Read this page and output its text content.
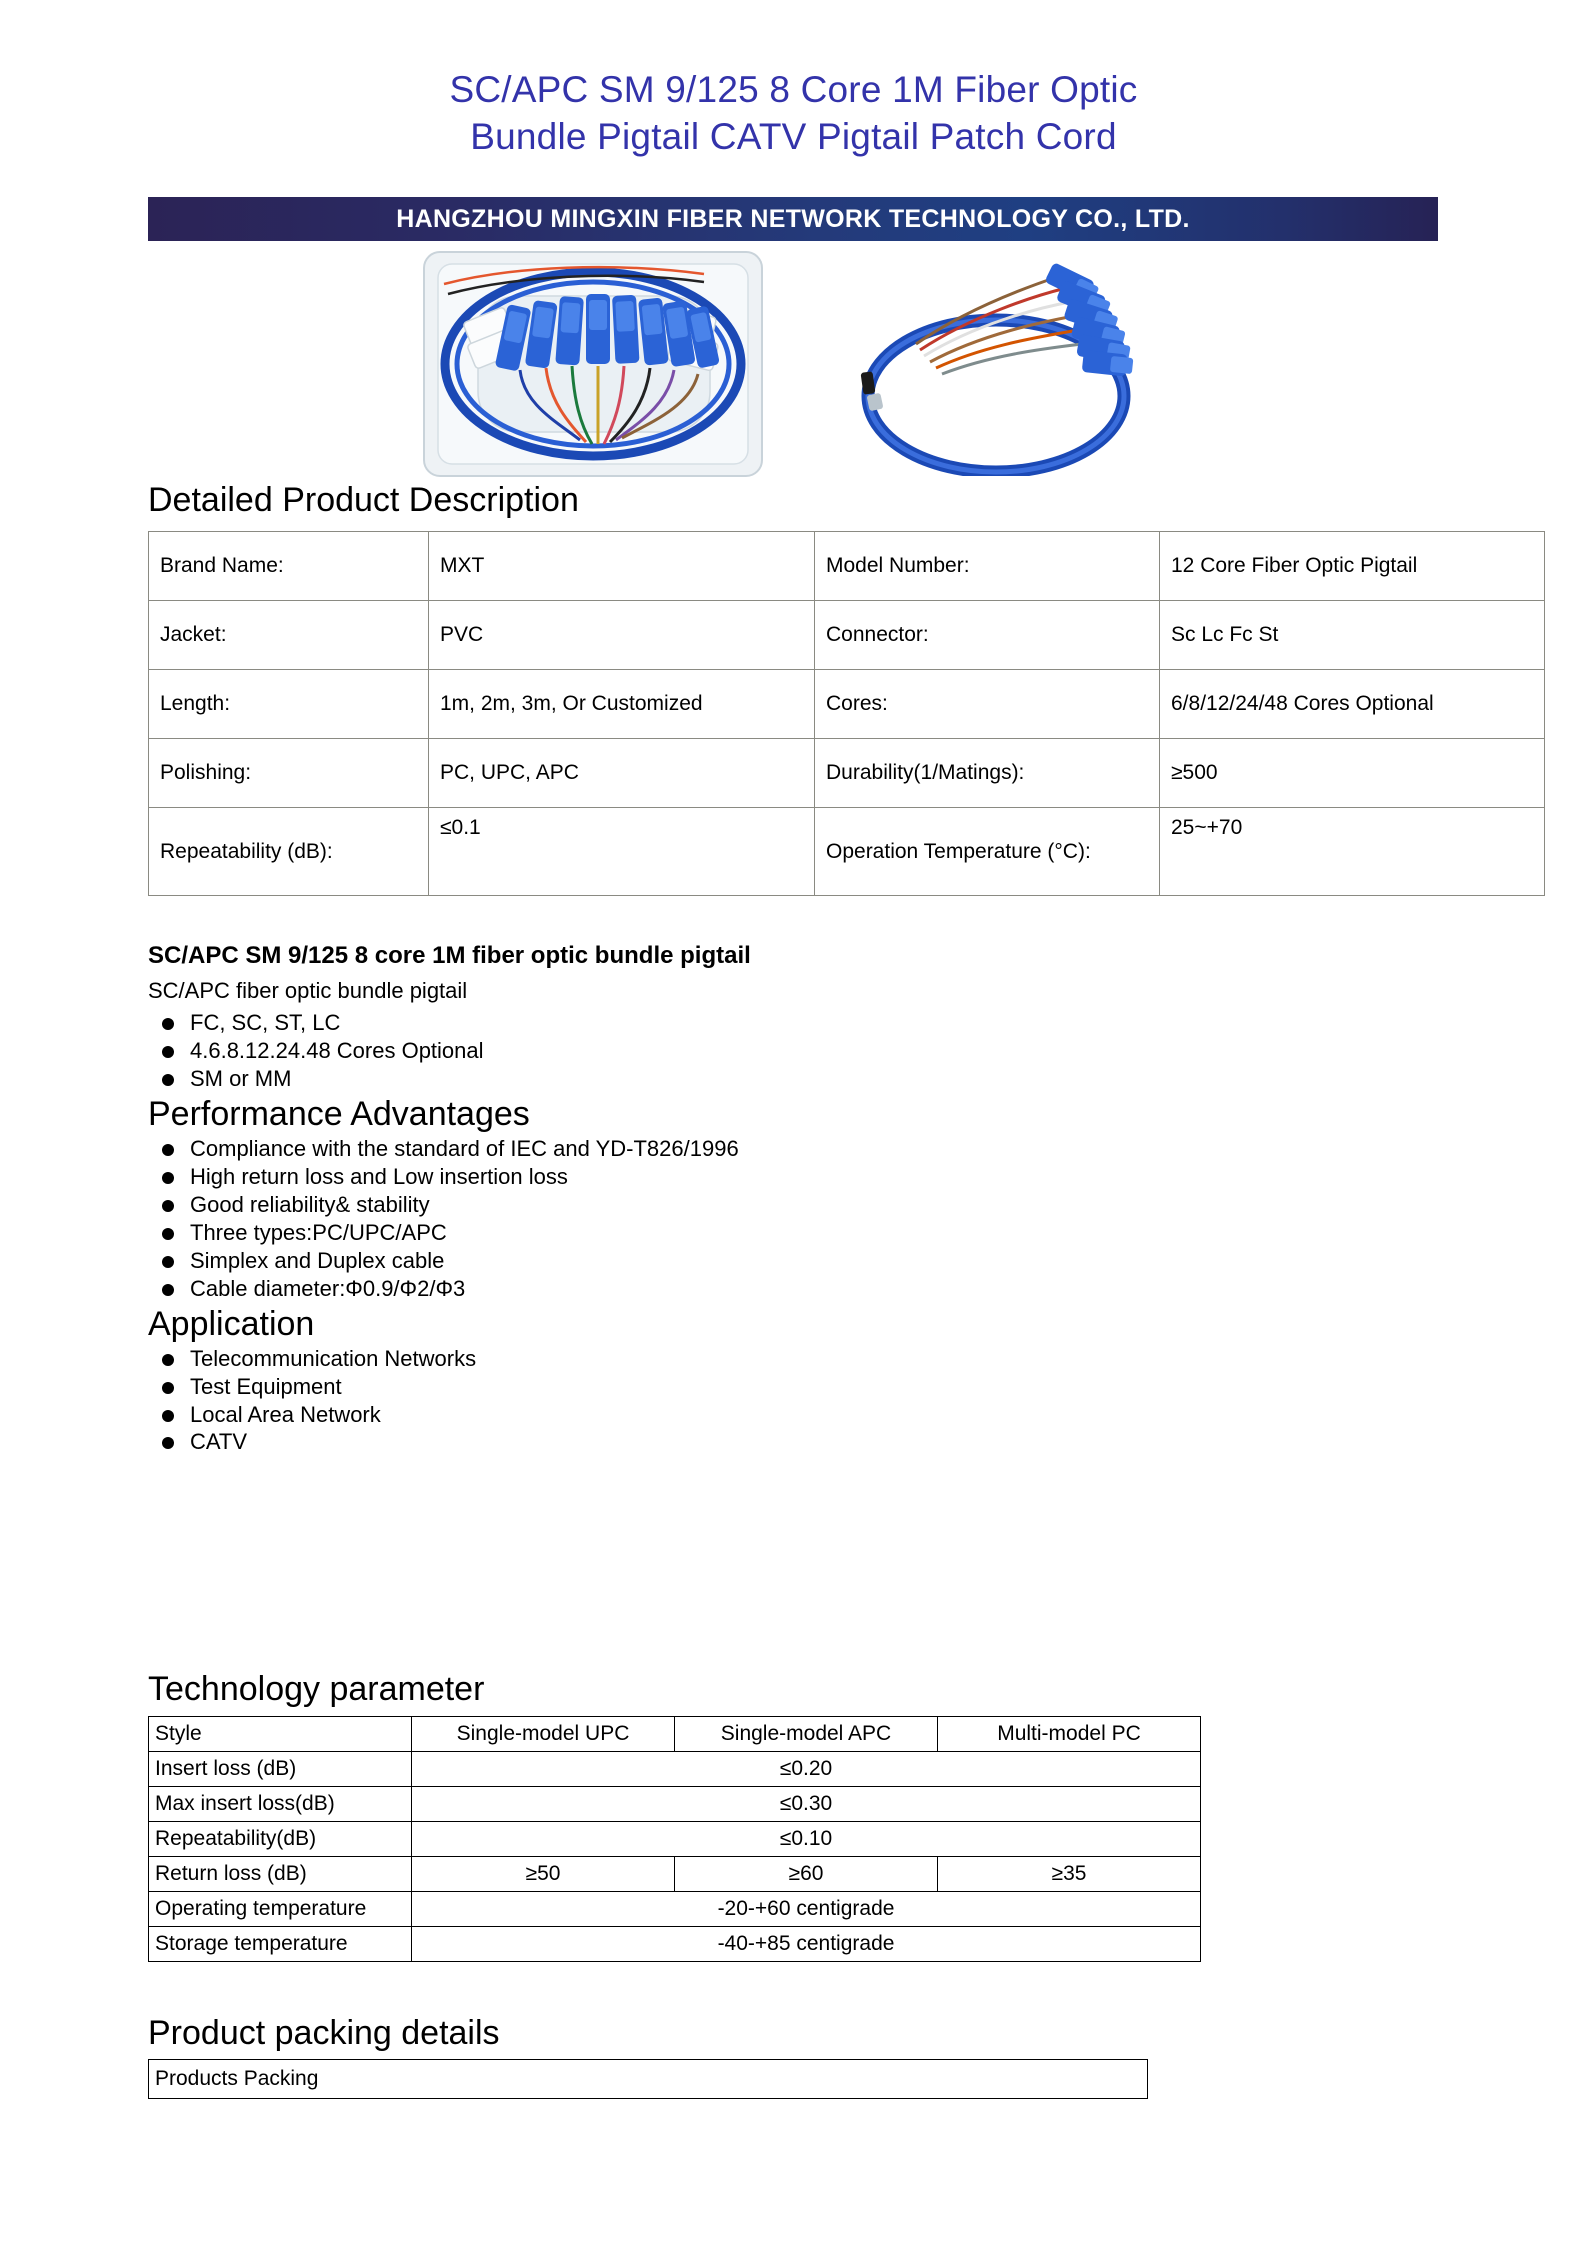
SC/APC SM 9/125 8 Core 1M Fiber Optic
Bundle Pigtail CATV Pigtail Patch Cord
HANGZHOU MINGXIN FIBER NETWORK TECHNOLOGY CO., LTD.
Detailed Product Description
Brand Name:	MXT	Model Number:	12 Core Fiber Optic Pigtail
Jacket:	PVC	Connector:	Sc Lc Fc St
Length:	1m, 2m, 3m, Or Customized	Cores:	6/8/12/24/48 Cores Optional
Polishing:	PC, UPC, APC	Durability(1/Matings):	≥500
Repeatability (dB):	≤0.1	Operation Temperature (°C):	25~+70

SC/APC SM 9/125 8 core 1M fiber optic bundle pigtail

SC/APC fiber optic bundle pigtail

FC, SC, ST, LC
4.6.8.12.24.48 Cores Optional
SM or MM
Performance Advantages
Compliance with the standard of IEC and YD-T826/1996
High return loss and Low insertion loss
Good reliability& stability
Three types:PC/UPC/APC
Simplex and Duplex cable
Cable diameter:Φ0.9/Φ2/Φ3
Application
Telecommunication Networks
Test Equipment
Local Area Network
CATV
Technology parameter
Style	Single-model UPC	Single-model APC	Multi-model PC
Insert loss (dB)	≤0.20		
Max insert loss(dB)	≤0.30		
Repeatability(dB)	≤0.10		
Return loss (dB)	≥50	≥60	≥35
Operating temperature	-20-+60 centigrade		
Storage temperature	-40-+85 centigrade		
Product packing details
Products Packing
